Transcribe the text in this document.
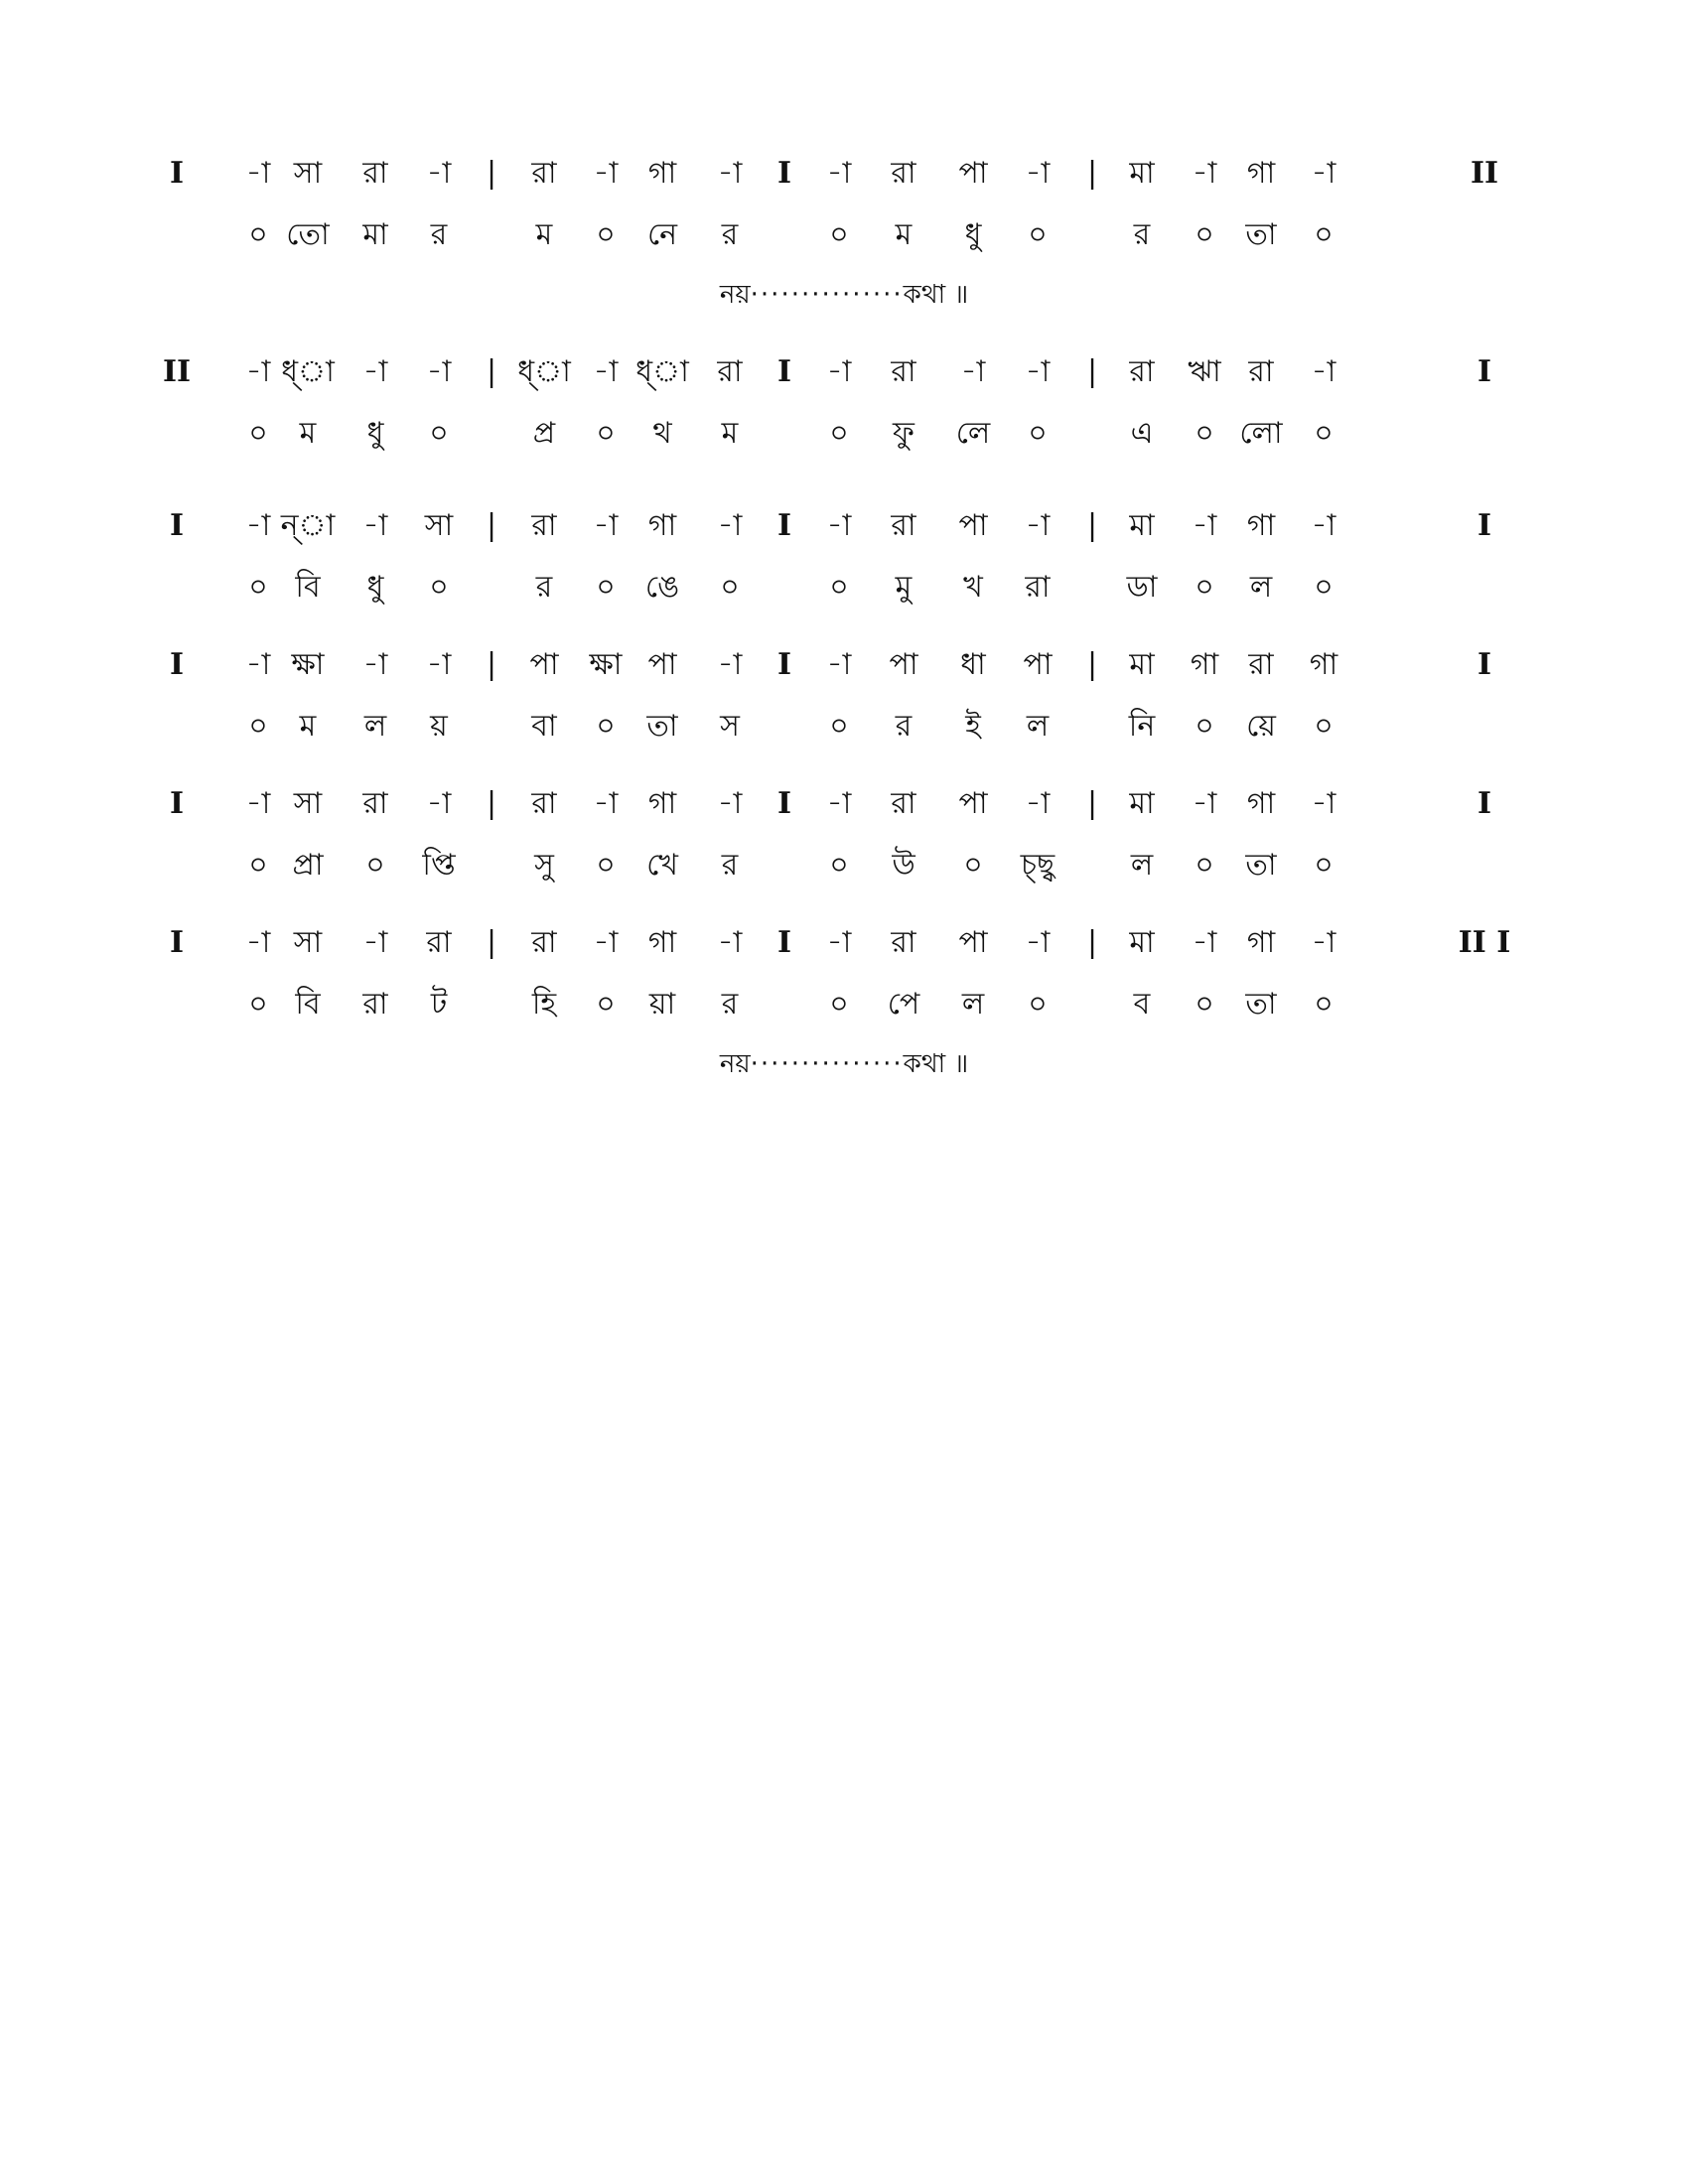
I -া সা রা -া | রা -া গা -া I -া রা পা -া | মা -া গা -া	II
০ তো মা র	ম ০ নে র	০ ম ধু ০	র ০ তা ০
নয়···············কথা ॥
II -া ধ্া -া -া | ধ্া -া ধ্া রা I -া রা -া -া | রা ঋা রা -া	I
০ ম ধু ০	প্র ০ থ ম	০ ফু লে ০	এ ০ লো ০
I -া ন্া -া সা | রা -া গা -া I -া রা পা -া | মা -া গা -া	I
০ বি ধু ০	র ০ ঙে ০	০ মু খ রা	ডা ০ ল ০
I -া ক্ষা -া -া | পা ক্ষা পা -া I -া পা ধা পা | মা গা রা গা	I
০ ম ল য়	বা ০ তা স	০ র ই ল	নি ০ য়ে ০
I -া সা রা -া | রা -া গা -া I -া রা পা -া | মা -া গা -া	I
০ প্রা ০ প্তি	সু ০ খে র	০ উ ০ চ্ছ্ব	ল ০ তা ০
I -া সা -া রা | রা -া গা -া I -া রা পা -া | মা -া গা -া	II I
০ বি রা ট	হি ০ য়া র	০ পে ল ০	ব ০ তা ০
নয়···············কথা ॥
